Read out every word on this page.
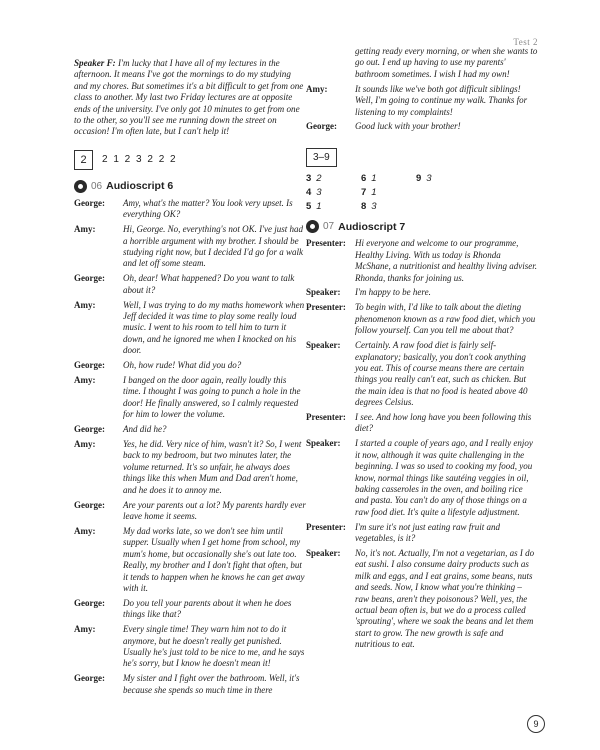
Test 2

Speaker F: I'm lucky that I have all of my lectures in the afternoon. It means I've got the mornings to do my studying and my chores. But sometimes it's a bit difficult to get from one class to another. My last two Friday lectures are at opposite ends of the university. I've only got 10 minutes to get from one to the other, so you'll see me running down the street on occasion! I'm often late, but I can't help it!

2	2 1 2 3 2 2 2
06 Audioscript 6
George:	Amy, what's the matter? You look very upset. Is everything OK?
Amy:	Hi, George. No, everything's not OK. I've just had a horrible argument with my brother. I should be studying right now, but I decided I'd go for a walk and let off some steam.
George:	Oh, dear! What happened? Do you want to talk about it?
Amy:	Well, I was trying to do my maths homework when Jeff decided it was time to play some really loud music. I went to his room to tell him to turn it down, and he ignored me when I knocked on his door.
George:	Oh, how rude! What did you do?
Amy:	I banged on the door again, really loudly this time. I thought I was going to punch a hole in the door! He finally answered, so I calmly requested for him to lower the volume.
George:	And did he?
Amy:	Yes, he did. Very nice of him, wasn't it? So, I went back to my bedroom, but two minutes later, the volume returned. It's so unfair, he always does things like this when Mum and Dad aren't home, and he does it to annoy me.
George:	Are your parents out a lot? My parents hardly ever leave home it seems.
Amy:	My dad works late, so we don't see him until supper. Usually when I get home from school, my mum's home, but occasionally she's out late too. Really, my brother and I don't fight that often, but it tends to happen when he knows he can get away with it.
George:	Do you tell your parents about it when he does things like that?
Amy:	Every single time! They warn him not to do it anymore, but he doesn't really get punished. Usually he's just told to be nice to me, and he says he's sorry, but I know he doesn't mean it!
George:	My sister and I fight over the bathroom. Well, it's because she spends so much time in there
getting ready every morning, or when she wants to go out. I end up having to use my parents' bathroom sometimes. I wish I had my own!
Amy:	It sounds like we've both got difficult siblings! Well, I'm going to continue my walk. Thanks for listening to my complaints!
George:	Good luck with your brother!
3–9
3 2	6 1	9 3
4 3	7 1
5 1	8 3
07 Audioscript 7
Presenter:	Hi everyone and welcome to our programme, Healthy Living. With us today is Rhonda McShane, a nutritionist and healthy living adviser. Rhonda, thanks for joining us.
Speaker:	I'm happy to be here.
Presenter:	To begin with, I'd like to talk about the dieting phenomenon known as a raw food diet, which you follow yourself. Can you tell me about that?
Speaker:	Certainly. A raw food diet is fairly self-explanatory; basically, you don't cook anything you eat. This of course means there are certain things you really can't eat, such as chicken. But the main idea is that no food is heated above 40 degrees Celsius.
Presenter:	I see. And how long have you been following this diet?
Speaker:	I started a couple of years ago, and I really enjoy it now, although it was quite challenging in the beginning. I was so used to cooking my food, you know, normal things like sautéing veggies in oil, baking casseroles in the oven, and boiling rice and pasta. You can't do any of those things on a raw food diet. It's quite a lifestyle adjustment.
Presenter:	I'm sure it's not just eating raw fruit and vegetables, is it?
Speaker:	No, it's not. Actually, I'm not a vegetarian, as I do eat sushi. I also consume dairy products such as milk and eggs, and I eat grains, some beans, nuts and seeds. Now, I know what you're thinking – raw beans, aren't they poisonous? Well, yes, the actual bean often is, but we do a process called 'sprouting', where we soak the beans and let them start to grow. The new growth is safe and nutritious to eat.
9
